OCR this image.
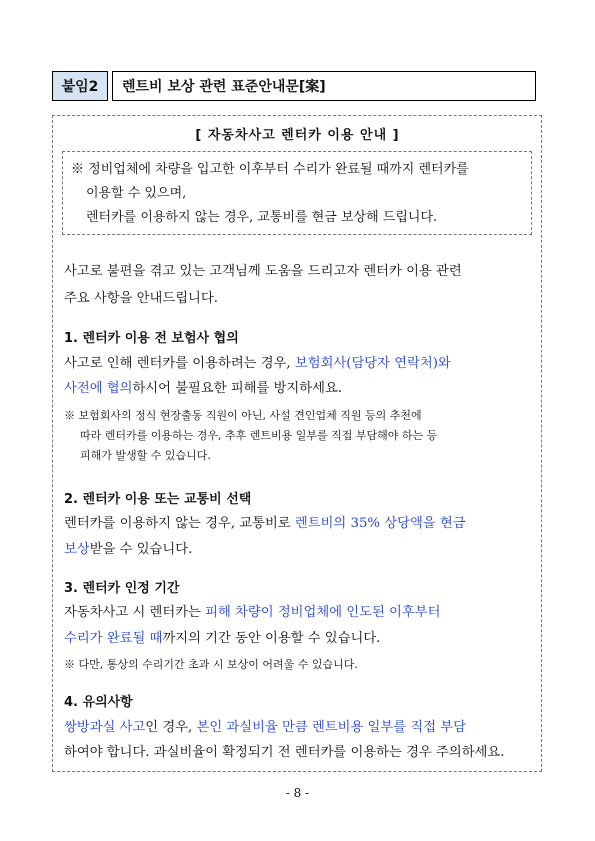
붙임2	렌트비 보상 관련 표준안내문[案]
[ 자동차사고 렌터카 이용 안내 ]
※ 정비업체에 차량을 입고한 이후부터 수리가 완료될 때까지 렌터카를
이용할 수 있으며,
렌터카를 이용하지 않는 경우, 교통비를 현금 보상해 드립니다.
사고로 불편을 겪고 있는 고객님께 도움을 드리고자 렌터카 이용 관련
주요 사항을 안내드립니다.
1. 렌터카 이용 전 보험사 협의
사고로 인해 렌터카를 이용하려는 경우, 보험회사(담당자 연락처)와
사전에 협의하시어 불필요한 피해를 방지하세요.
※ 보험회사의 정식 현장출동 직원이 아닌, 사설 견인업체 직원 등의 추천에
따라 렌터카를 이용하는 경우, 추후 렌트비용 일부를 직접 부담해야 하는 등
피해가 발생할 수 있습니다.
2. 렌터카 이용 또는 교통비 선택
렌터카를 이용하지 않는 경우, 교통비로 렌트비의 35% 상당액을 현금
보상받을 수 있습니다.
3. 렌터카 인정 기간
자동차사고 시 렌터카는 피해 차량이 정비업체에 인도된 이후부터
수리가 완료될 때까지의 기간 동안 이용할 수 있습니다.
※ 다만, 통상의 수리기간 초과 시 보상이 어려울 수 있습니다.
4. 유의사항
쌍방과실 사고인 경우, 본인 과실비율 만큼 렌트비용 일부를 직접 부담
하여야 합니다. 과실비율이 확정되기 전 렌터카를 이용하는 경우 주의하세요.
- 8 -
